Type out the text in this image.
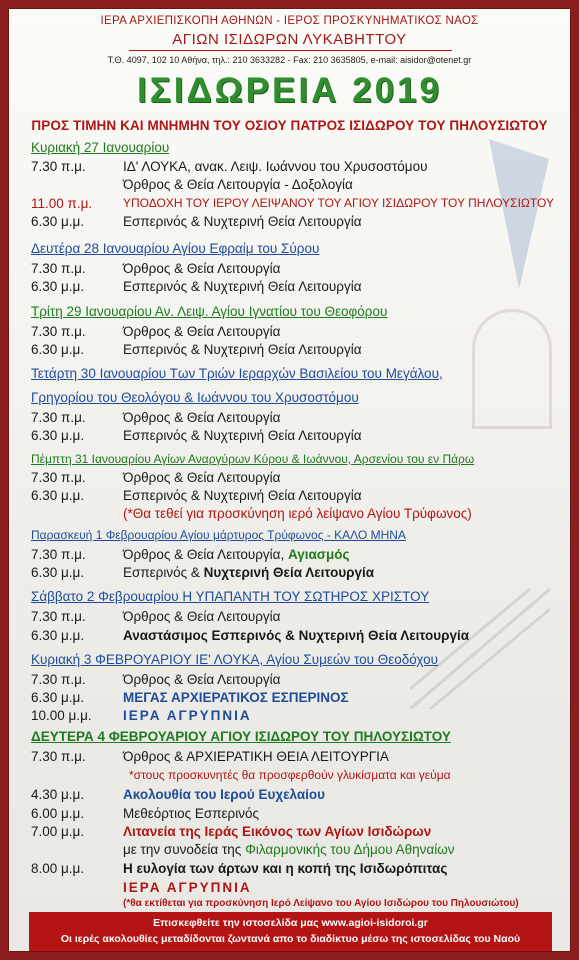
ΙΕΡΑ ΑΡΧΙΕΠΙΣΚΟΠΗ ΑΘΗΝΩΝ - ΙΕΡΟΣ ΠΡΟΣΚΥΝΗΜΑΤΙΚΟΣ ΝΑΟΣ
ΑΓΙΩΝ ΙΣΙΔΩΡΩΝ ΛΥΚΑΒΗΤΤΟΥ
Τ.Θ. 4097, 102 10 Αθήνα, τηλ.: 210 3633282 - Fax: 210 3635805, e-mail: aisidor@otenet.gr
ΙΣΙΔΩΡΕΙΑ 2019
ΠΡΟΣ ΤΙΜΗΝ ΚΑΙ ΜΝΗΜΗΝ ΤΟΥ ΟΣΙΟΥ ΠΑΤΡΟΣ ΙΣΙΔΩΡΟΥ ΤΟΥ ΠΗΛΟΥΣΙΩΤΟΥ
Κυριακή 27 Ιανουαρίου
7.30 π.μ.	ΙΔ' ΛΟΥΚΑ, ανακ. Λειψ. Ιωάννου του Χρυσοστόμου
Όρθρος & Θεία Λειτουργία - Δοξολογία
11.00 π.μ.	ΥΠΟΔΟΧΗ ΤΟΥ ΙΕΡΟΥ ΛΕΙΨΑΝΟΥ ΤΟΥ ΑΓΙΟΥ ΙΣΙΔΩΡΟΥ ΤΟΥ ΠΗΛΟΥΣΙΩΤΟΥ
6.30 μ.μ.	Εσπερινός & Νυχτερινή Θεία Λειτουργία
Δευτέρα 28 Ιανουαρίου Αγίου Εφραίμ του Σύρου
7.30 π.μ.	Όρθρος & Θεία Λειτουργία
6.30 μ.μ.	Εσπερινός & Νυχτερινή Θεία Λειτουργία
Τρίτη 29 Ιανουαρίου Αν. Λειψ. Αγίου Ιγνατίου του Θεοφόρου
7.30 π.μ.	Όρθρος & Θεία Λειτουργία
6.30 μ.μ.	Εσπερινός & Νυχτερινή Θεία Λειτουργία
Τετάρτη 30 Ιανουαρίου Των Τριών Ιεραρχών Βασιλείου του Μεγάλου,
Γρηγορίου του Θεολόγου & Ιωάννου του Χρυσοστόμου
7.30 π.μ.	Όρθρος & Θεία Λειτουργία
6.30 μ.μ.	Εσπερινός & Νυχτερινή Θεία Λειτουργία
Πέμπτη 31 Ιανουαρίου Αγίων Αναργύρων Κύρου & Ιωάννου, Αρσενίου του εν Πάρω
7.30 π.μ.	Όρθρος & Θεία Λειτουργία
6.30 μ.μ.	Εσπερινός & Νυχτερινή Θεία Λειτουργία
(*Θα τεθεί για προσκύνηση ιερό λείψανο Αγίου Τρύφωνος)
Παρασκευή 1 Φεβρουαρίου Αγίου μάρτυρος Τρύφωνος - ΚΑΛΟ ΜΗΝΑ
7.30 π.μ.	Όρθρος & Θεία Λειτουργία, Αγιασμός
6.30 μ.μ.	Εσπερινός & Νυχτερινή Θεία Λειτουργία
Σάββατο 2 Φεβρουαρίου Η ΥΠΑΠΑΝΤΗ ΤΟΥ ΣΩΤΗΡΟΣ ΧΡΙΣΤΟΥ
7.30 π.μ.	Όρθρος & Θεία Λειτουργία
6.30 μ.μ.	Αναστάσιμος Εσπερινός & Νυχτερινή Θεία Λειτουργία
Κυριακή 3 ΦΕΒΡΟΥΑΡΙΟΥ ΙΕ' ΛΟΥΚΑ, Αγίου Συμεών του Θεοδόχου
7.30 π.μ.	Όρθρος & Θεία Λειτουργία
6.30 μ.μ.	ΜΕΓΑΣ ΑΡΧΙΕΡΑΤΙΚΟΣ ΕΣΠΕΡΙΝΟΣ
10.00 μ.μ. ΙΕΡΑ ΑΓΡΥΠΝΙΑ
ΔΕΥΤΕΡΑ 4 ΦΕΒΡΟΥΑΡΙΟΥ ΑΓΙΟΥ ΙΣΙΔΩΡΟΥ ΤΟΥ ΠΗΛΟΥΣΙΩΤΟΥ
7.30 π.μ.	Όρθρος & ΑΡΧΙΕΡΑΤΙΚΗ ΘΕΙΑ ΛΕΙΤΟΥΡΓΙΑ
*στους προσκυνητές θα προσφερθούν γλυκίσματα και γεύμα
4.30 μ.μ.	Ακολουθία του Ιερού Ευχελαίου
6.00 μ.μ.	Μεθεόρτιος Εσπερινός
7.00 μ.μ.	Λιτανεία της Ιεράς Εικόνος των Αγίων Ισιδώρων
με την συνοδεία της Φιλαρμονικής του Δήμου Αθηναίων
8.00 μ.μ.	Η ευλογία των άρτων και η κοπή της Ισιδωρόπιτας
ΙΕΡΑ ΑΓΡΥΠΝΙΑ
(*θα εκτίθεται για προσκύνηση Ιερό Λείψανο του Αγίου Ισιδώρου του Πηλουσιώτου)
Επισκεφθείτε την ιστοσελίδα μας www.agioi-isidoroi.gr
Οι ιερές ακολουθίες μεταδίδονται ζωντανά απο το διαδίκτυο μέσω της ιστοσελίδας του Ναού
